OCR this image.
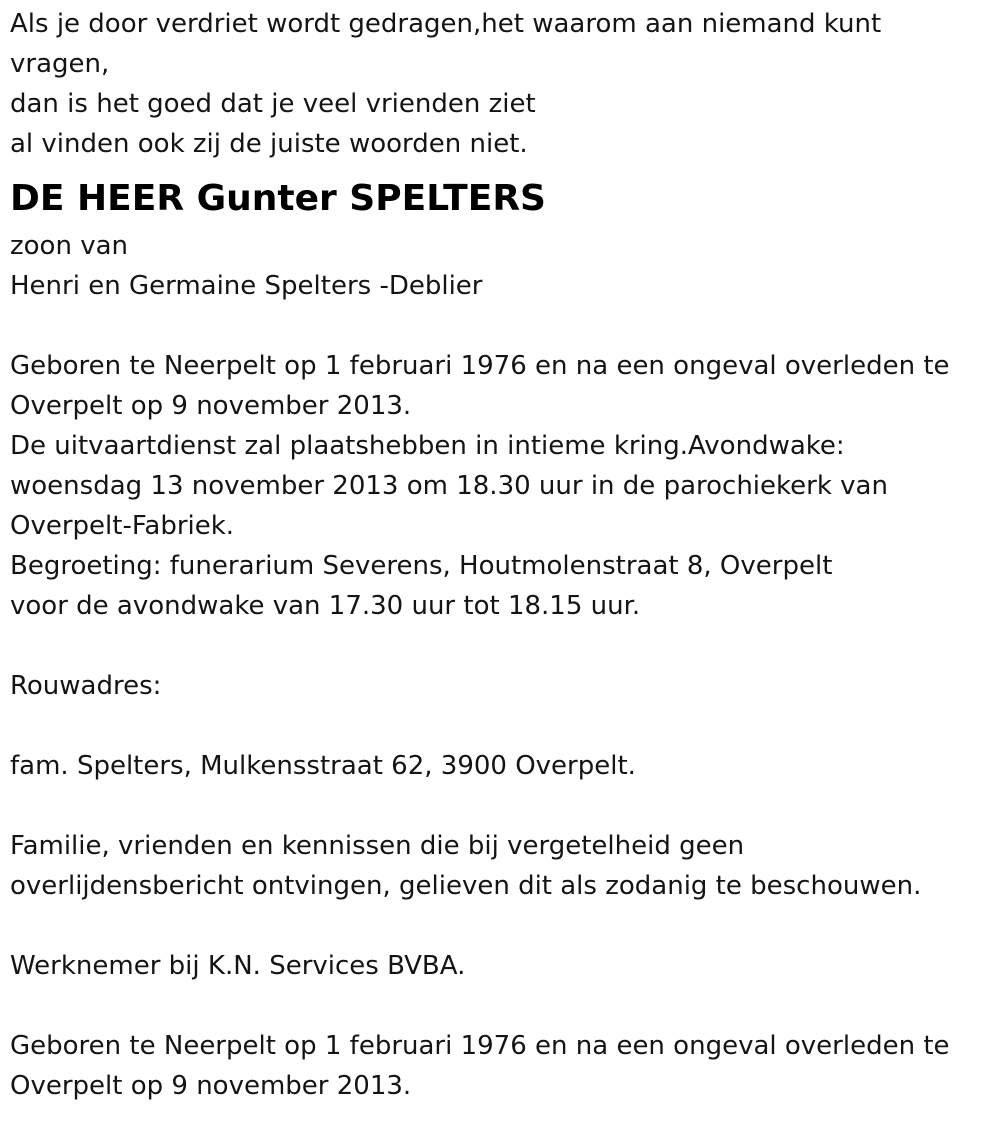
Als je door verdriet wordt gedragen,het waarom aan niemand kunt
vragen,
dan is het goed dat je veel vrienden ziet
al vinden ook zij de juiste woorden niet.
DE HEER Gunter SPELTERS
zoon van
Henri en Germaine Spelters -Deblier
Geboren te Neerpelt op 1 februari 1976 en na een ongeval overleden te
Overpelt op 9 november 2013.
De uitvaartdienst zal plaatshebben in intieme kring.Avondwake:
woensdag 13 november 2013 om 18.30 uur in de parochiekerk van
Overpelt-Fabriek.
Begroeting: funerarium Severens, Houtmolenstraat 8, Overpelt
voor de avondwake van 17.30 uur tot 18.15 uur.
Rouwadres:
fam. Spelters, Mulkensstraat 62, 3900 Overpelt.
Familie, vrienden en kennissen die bij vergetelheid geen
overlijdensbericht ontvingen, gelieven dit als zodanig te beschouwen.
Werknemer bij K.N. Services BVBA.
Geboren te Neerpelt op 1 februari 1976 en na een ongeval overleden te
Overpelt op 9 november 2013.
